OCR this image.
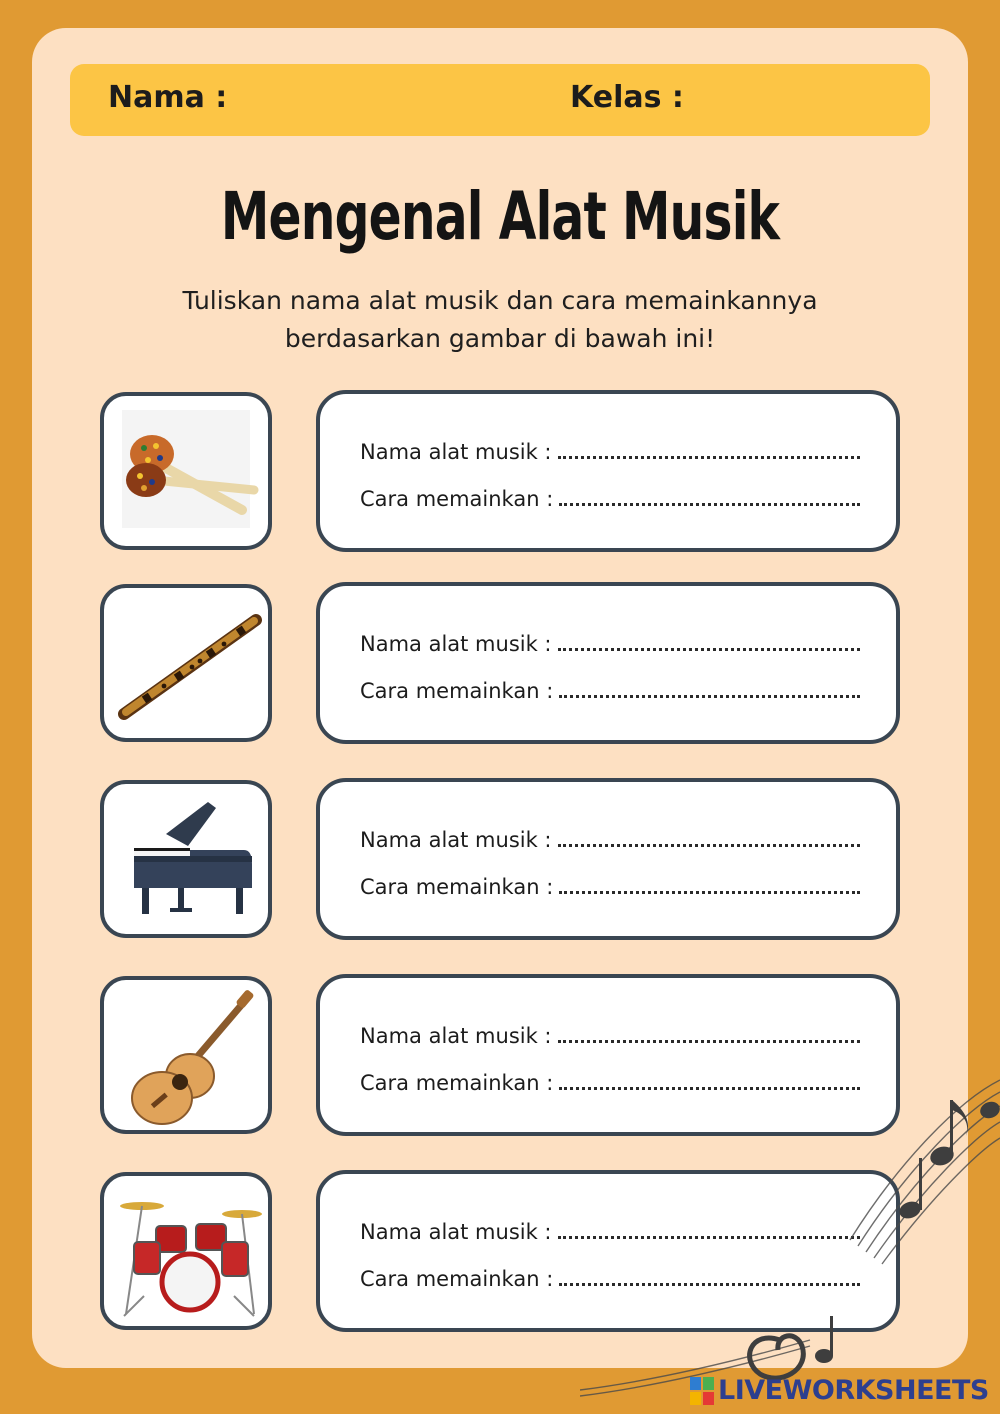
Nama :	Kelas :
Mengenal Alat Musik
Tuliskan nama alat musik dan cara memainkannya
berdasarkan gambar di bawah ini!
Nama alat musik :
Cara memainkan :
Nama alat musik :
Cara memainkan :
Nama alat musik :
Cara memainkan :
Nama alat musik :
Cara memainkan :
Nama alat musik :
Cara memainkan :
LIVEWORKSHEETS
